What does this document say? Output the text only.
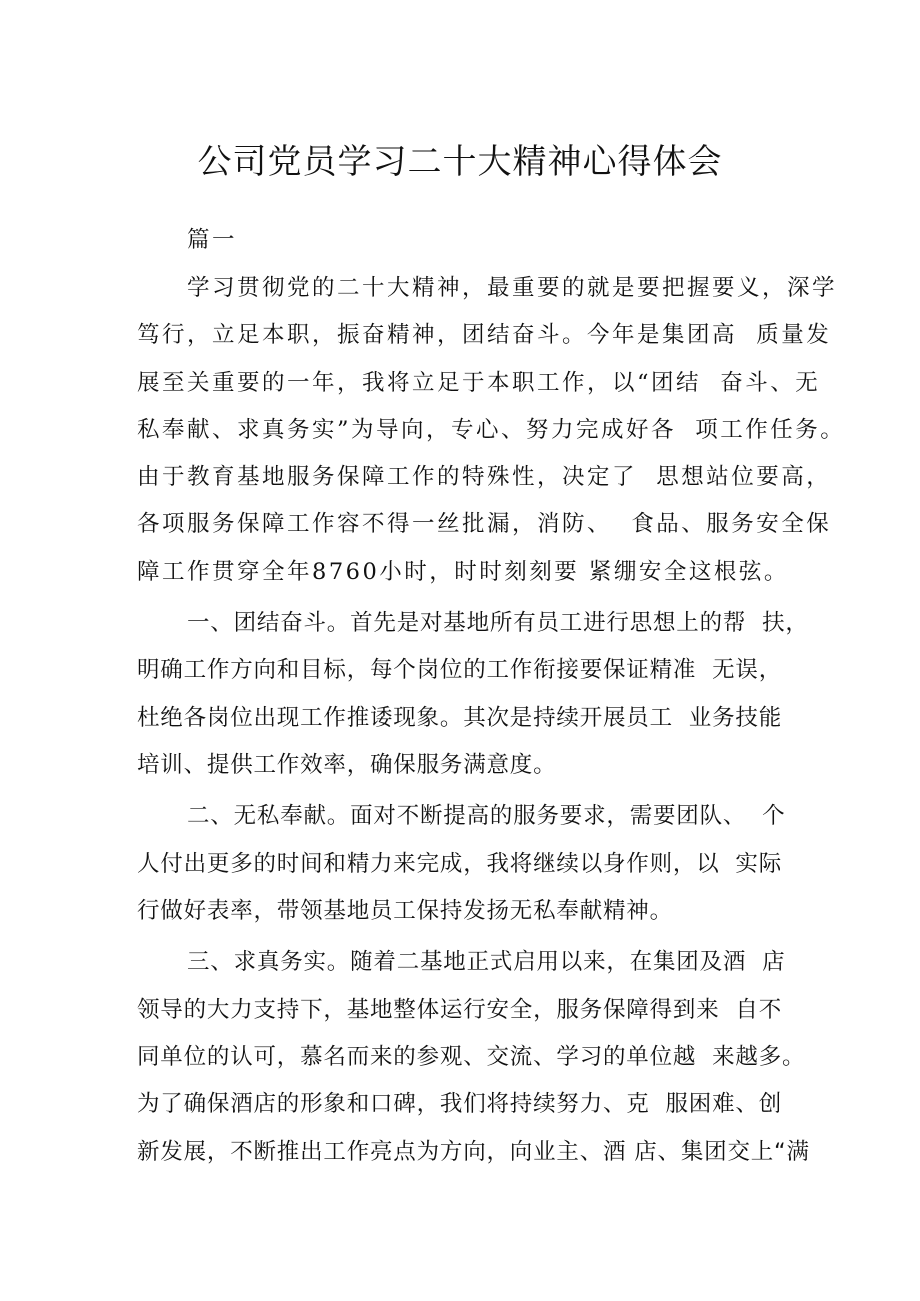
公司党员学习二十大精神心得体会
篇一
学习贯彻党的二十大精神，最重要的就是要把握要义，深学
笃行，立足本职，振奋精神，团结奋斗。今年是集团高  质量发
展至关重要的一年，我将立足于本职工作，以“团结  奋斗、无
私奉献、求真务实”为导向，专心、努力完成好各  项工作任务。
由于教育基地服务保障工作的特殊性，决定了  思想站位要高，
各项服务保障工作容不得一丝批漏，消防、  食品、服务安全保
障工作贯穿全年8760小时，时时刻刻要 紧绷安全这根弦。
一、团结奋斗。首先是对基地所有员工进行思想上的帮  扶，
明确工作方向和目标，每个岗位的工作衔接要保证精准  无误，
杜绝各岗位出现工作推诿现象。其次是持续开展员工  业务技能
培训、提供工作效率，确保服务满意度。
二、无私奉献。面对不断提高的服务要求，需要团队、  个
人付出更多的时间和精力来完成，我将继续以身作则，以  实际
行做好表率，带领基地员工保持发扬无私奉献精神。
三、求真务实。随着二基地正式启用以来，在集团及酒  店
领导的大力支持下，基地整体运行安全，服务保障得到来  自不
同单位的认可，慕名而来的参观、交流、学习的单位越  来越多。
为了确保酒店的形象和口碑，我们将持续努力、克  服困难、创
新发展，不断推出工作亮点为方向，向业主、酒 店、集团交上“满
